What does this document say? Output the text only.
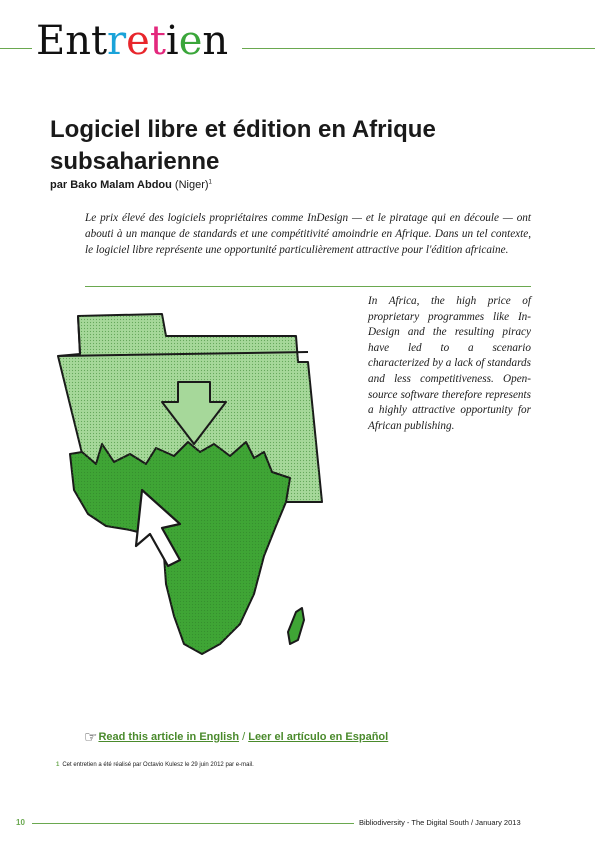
Entretien
Logiciel libre et édition en Afrique subsaharienne
par Bako Malam Abdou (Niger)$^1$

Le prix élevé des logiciels propriétaires comme InDesign — et le piratage qui en découle — ont abouti à un manque de standards et une compétitivité amoindrie en Afrique. Dans un tel contexte, le logiciel libre représente une opportunité particulièrement attractive pour l'édition africaine.

In Africa, the high price of proprietary programmes like In-Design and the resulting piracy have led to a scenario characterized by a lack of standards and less competitiveness. Open-source software therefore represents a highly attractive opportunity for African publishing.

☞Read this article in English / Leer el artículo en Español
1 Cet entretien a été réalisé par Octavio Kulesz le 29 juin 2012 par e-mail.
10	Bibliodiversity - The Digital South / January 2013
